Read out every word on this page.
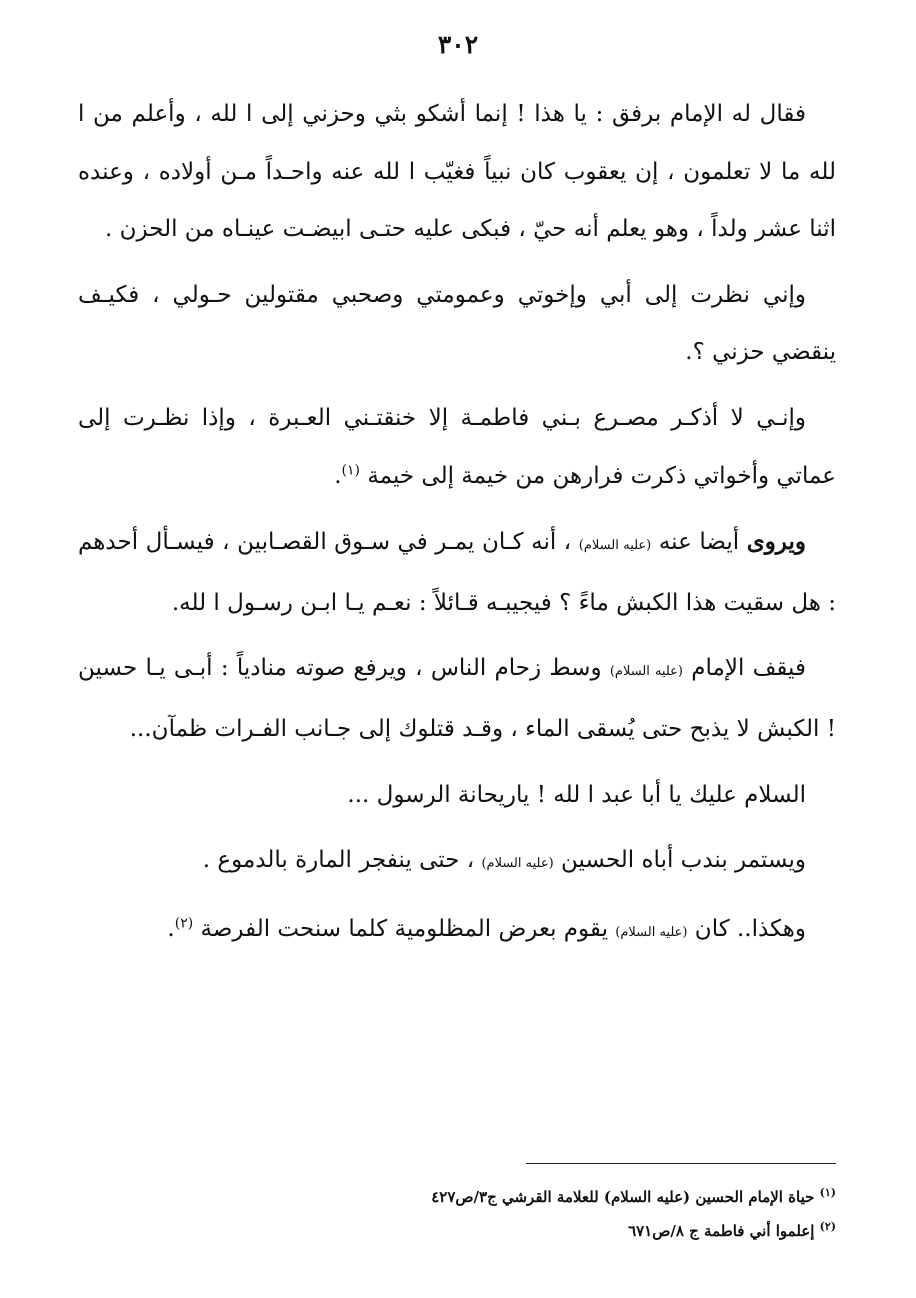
٣٠٢

فقال له الإمام برفق : يا هذا ! إنما أشكو بثي وحزني إلى ا لله ، وأعلم من ا لله ما لا تعلمون ، إن يعقوب كان نبياً فغيّب ا لله عنه واحـداً مـن أولاده ، وعنده اثنا عشر ولداً ، وهو يعلم أنه حيّ ، فبكى عليه حتـى ابيضـت عينـاه من الحزن .

وإني نظرت إلى أبي وإخوتي وعمومتي وصحبي مقتولين حـولي ، فكيـف ينقضي حزني ؟.

وإنـي لا أذكـر مصـرع بـني فاطمـة إلا خنقتـني العـبرة ، وإذا نظـرت إلى عماتي وأخواتي ذكرت فرارهن من خيمة إلى خيمة $^{(١)}$.

ويروى أيضا عنه (عليه السلام) ، أنه كـان يمـر في سـوق القصـابين ، فيسـأل أحدهم : هل سقيت هذا الكبش ماءً ؟ فيجيبـه قـائلاً : نعـم يـا ابـن رسـول ا لله.

فيقف الإمام (عليه السلام) وسط زحام الناس ، ويرفع صوته منادياً : أبـى يـا حسين ! الكبش لا يذبح حتى يُسقى الماء ، وقـد قتلوك إلى جـانب الفـرات ظمآن...

السلام عليك يا أبا عبد ا لله ! ياريحانة الرسول ...

ويستمر بندب أباه الحسين (عليه السلام) ، حتى ينفجر المارة بالدموع .

وهكذا.. كان (عليه السلام) يقوم بعرض المظلومية كلما سنحت الفرصة $^{(٢)}$.

$^{(١)}$ حياة الإمام الحسين (عليه السلام) للعلامة القرشي ج٣/ص٤٢٧

$^{(٢)}$ إعلموا أني فاطمة ج ٨/ص٦٧١
